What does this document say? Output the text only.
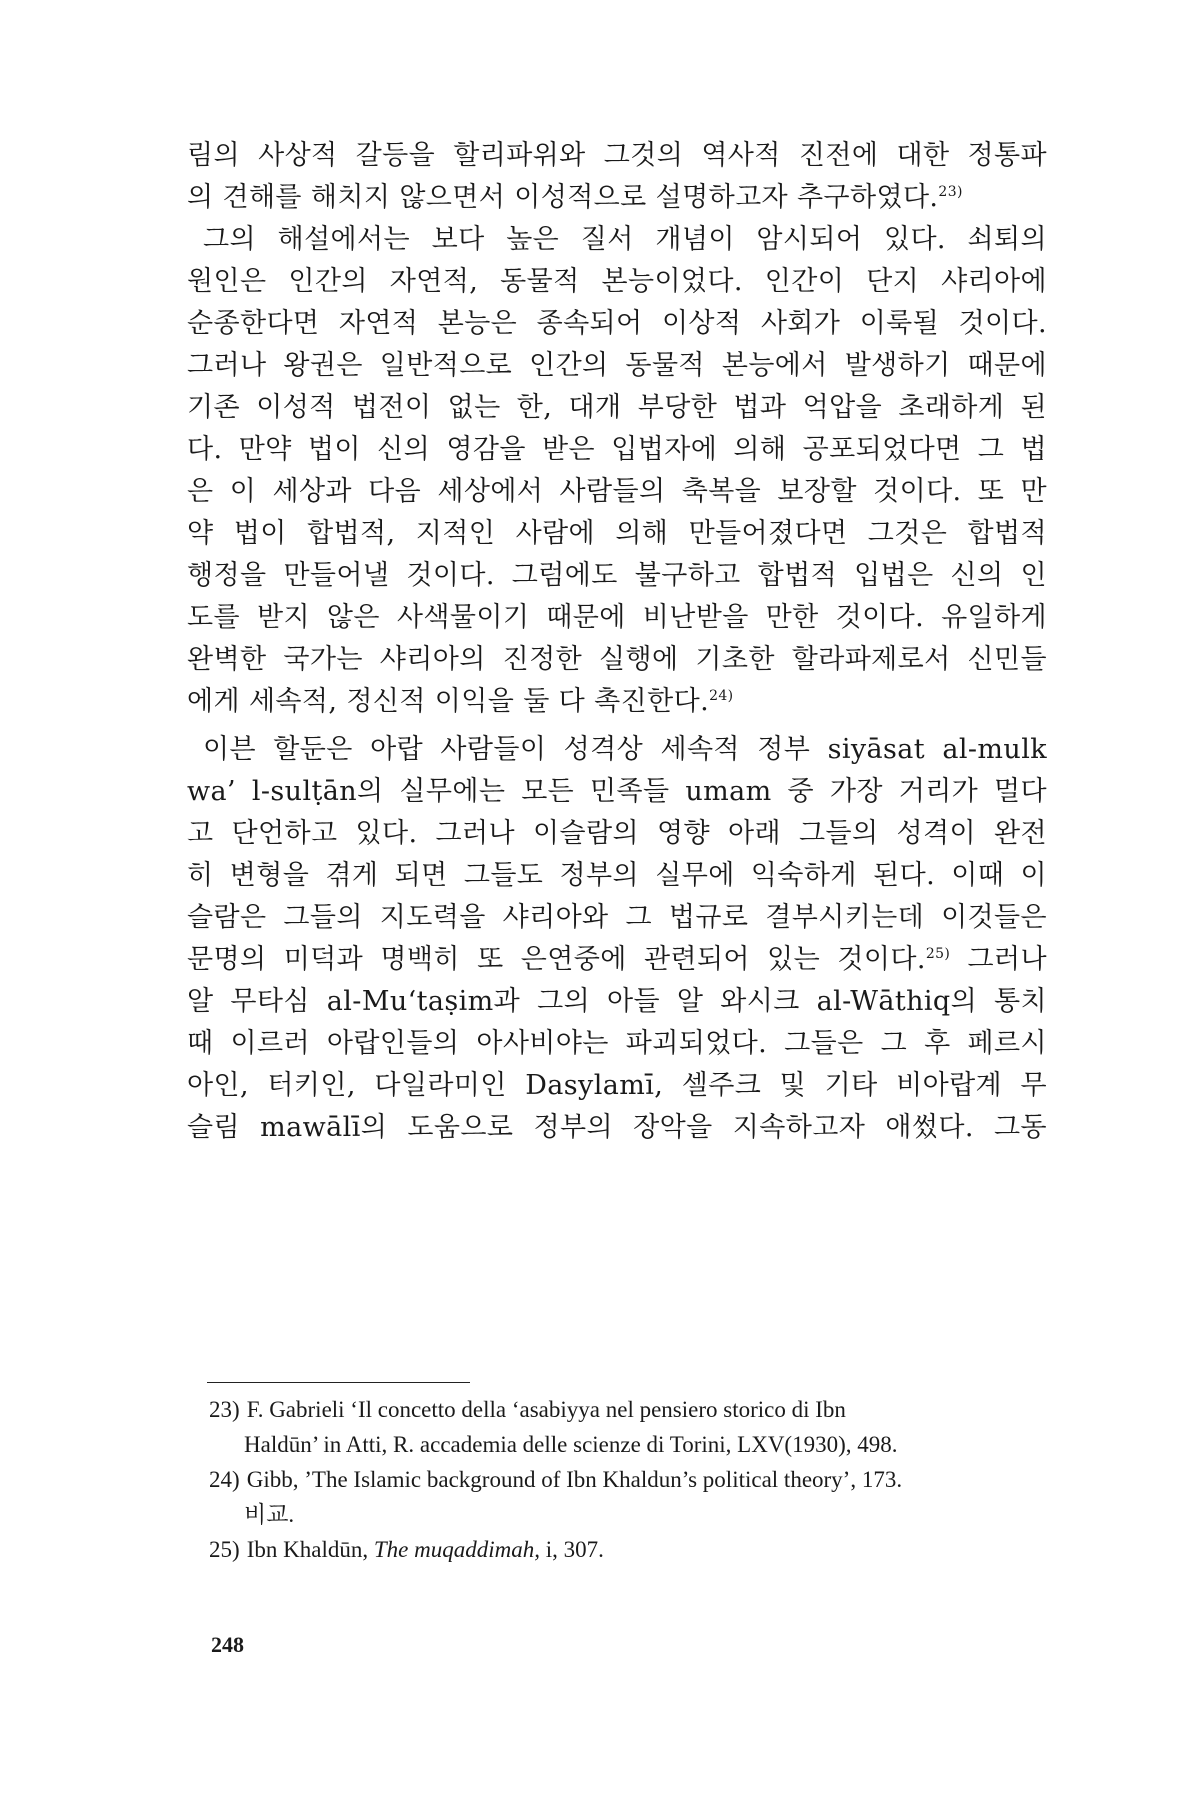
림의 사상적 갈등을 할리파위와 그것의 역사적 진전에 대한 정통파
의 견해를 해치지 않으면서 이성적으로 설명하고자 추구하였다.$^{23)}$
그의 해설에서는 보다 높은 질서 개념이 암시되어 있다. 쇠퇴의
원인은 인간의 자연적, 동물적 본능이었다. 인간이 단지 샤리아에
순종한다면 자연적 본능은 종속되어 이상적 사회가 이룩될 것이다.
그러나 왕권은 일반적으로 인간의 동물적 본능에서 발생하기 때문에
기존 이성적 법전이 없는 한, 대개 부당한 법과 억압을 초래하게 된
다. 만약 법이 신의 영감을 받은 입법자에 의해 공포되었다면 그 법
은 이 세상과 다음 세상에서 사람들의 축복을 보장할 것이다. 또 만
약 법이 합법적, 지적인 사람에 의해 만들어졌다면 그것은 합법적
행정을 만들어낼 것이다. 그럼에도 불구하고 합법적 입법은 신의 인
도를 받지 않은 사색물이기 때문에 비난받을 만한 것이다. 유일하게
완벽한 국가는 샤리아의 진정한 실행에 기초한 할라파제로서 신민들
에게 세속적, 정신적 이익을 둘 다 촉진한다.$^{24)}$
이븐 할둔은 아랍 사람들이 성격상 세속적 정부 siyāsat al-mulk
wa’ l-sulṭān의 실무에는 모든 민족들 umam 중 가장 거리가 멀다
고 단언하고 있다. 그러나 이슬람의 영향 아래 그들의 성격이 완전
히 변형을 겪게 되면 그들도 정부의 실무에 익숙하게 된다. 이때 이
슬람은 그들의 지도력을 샤리아와 그 법규로 결부시키는데 이것들은
문명의 미덕과 명백히 또 은연중에 관련되어 있는 것이다.$^{25)}$ 그러나
알 무타심 al-Muʻtaṣim과 그의 아들 알 와시크 al-Wāthiq의 통치
때 이르러 아랍인들의 아사비야는 파괴되었다. 그들은 그 후 페르시
아인, 터키인, 다일라미인 Dasylamī, 셀주크 및 기타 비아랍계 무
슬림 mawālī의 도움으로 정부의 장악을 지속하고자 애썼다. 그동
23) F. Gabrieli ‘Il concetto della ‘asabiyya nel pensiero storico di Ibn
Haldūn’ in Atti, R. accademia delle scienze di Torini, LXV(1930), 498.
24) Gibb, ’The Islamic background of Ibn Khaldun’s political theory’, 173.
비교.
25) Ibn Khaldūn, The muqaddimah, i, 307.
248
